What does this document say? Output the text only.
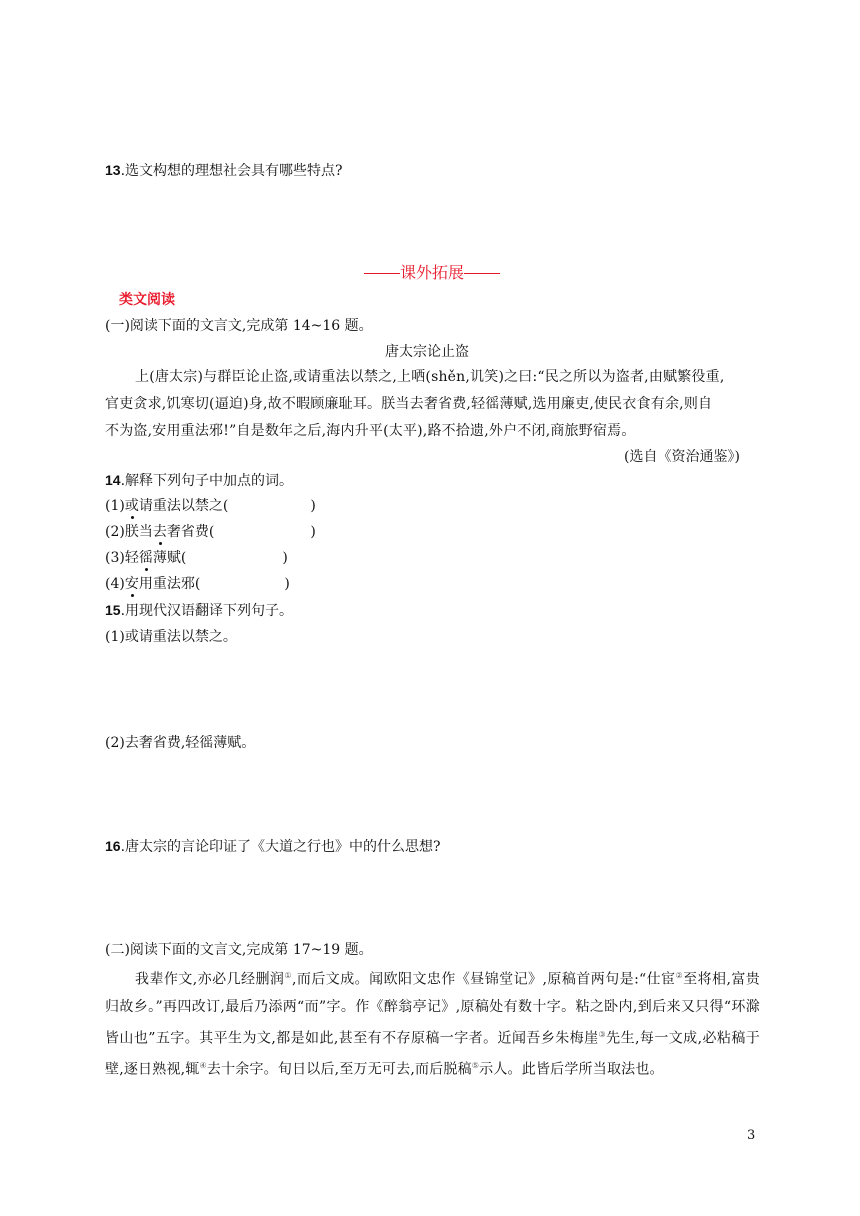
13.选文构想的理想社会具有哪些特点?
课外拓展
类文阅读
(一)阅读下面的文言文,完成第 14~16 题。
唐太宗论止盗
上(唐太宗)与群臣论止盗,或请重法以禁之,上哂(shěn,讥笑)之曰:“民之所以为盗者,由赋繁役重,
官吏贪求,饥寒切(逼迫)身,故不暇顾廉耻耳。朕当去奢省费,轻徭薄赋,选用廉吏,使民衣食有余,则自
不为盗,安用重法邪!”自是数年之后,海内升平(太平),路不拾遗,外户不闭,商旅野宿焉。
(选自《资治通鉴》)
14.解释下列句子中加点的词。
(1)或请重法以禁之(	)
(2)朕当去奢省费(	)
(3)轻徭薄赋(	)
(4)安用重法邪(	)
15.用现代汉语翻译下列句子。
(1)或请重法以禁之。
(2)去奢省费,轻徭薄赋。
16.唐太宗的言论印证了《大道之行也》中的什么思想?
(二)阅读下面的文言文,完成第 17~19 题。
我辈作文,亦必几经删润①,而后文成。闻欧阳文忠作《昼锦堂记》,原稿首两句是:“仕宦②至将相,富贵归故乡。”再四改订,最后乃添两“而”字。作《醉翁亭记》,原稿处有数十字。粘之卧内,到后来又只得“环滁皆山也”五字。其平生为文,都是如此,甚至有不存原稿一字者。近闻吾乡朱梅崖③先生,每一文成,必粘稿于壁,逐日熟视,辄④去十余字。旬日以后,至万无可去,而后脱稿⑤示人。此皆后学所当取法也。
3
